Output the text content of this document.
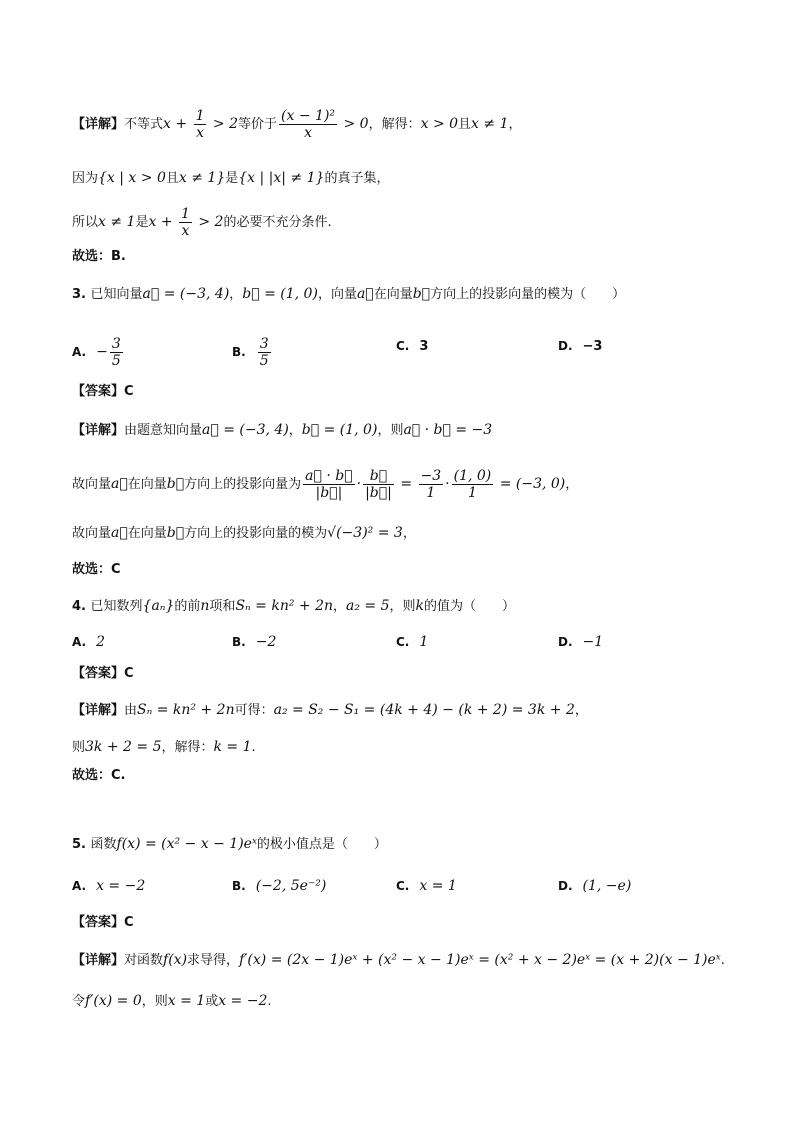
【详解】不等式$x + \frac{1}{x} > 2$等价于 $\frac{\text{(x − 1)²}}{x} > 0$，解得：x > 0且x ≠ 1，
因为{x | x > 0且x ≠ 1}是{x | |x| ≠ 1}的真子集，
所以x ≠ 1是$x + \frac{1}{x} > 2$的必要不充分条件.
故选：B.
3. 已知向量a⃗ = (−3, 4)，b⃗ = (1, 0)，向量a⃗在向量b⃗方向上的投影向量的模为（　　）
A. − $\frac{3}{5}$	B. $\frac{3}{5}$	C. 3	D. −3
【答案】C
【详解】由题意知向量a⃗ = (−3, 4)，b⃗ = (1, 0)，则a⃗ · b⃗ = −3
故向量a⃗在向量b⃗方向上的投影向量为 $\frac{a⃗ \cdot b⃗}{|b⃗|} \cdot \frac{b⃗}{|b⃗|} = \frac{-3}{1} \cdot \frac{(1, 0)}{1} = (-3$, 0)，
故向量a⃗在向量b⃗方向上的投影向量的模为√(−3)² = 3，
故选：C
4. 已知数列{aₙ}的前n项和Sₙ = kn² + 2n，a₂ = 5，则k的值为（　　）
A. 2	B. −2	C. 1	D. −1
【答案】C
【详解】由Sₙ = kn² + 2n可得：a₂ = S₂ − S₁ = (4k + 4) − (k + 2) = 3k + 2，
则3k + 2 = 5，解得：k = 1.
故选：C.
5. 函数f(x) = (x² − x − 1)eˣ的极小值点是（　　）
A. x = −2	B. (−2, 5e⁻²)	C. x = 1	D. (1, −e)
【答案】C
【详解】对函数f(x)求导得，f′(x) = (2x − 1)eˣ + (x² − x − 1)eˣ = (x² + x − 2)eˣ = (x + 2)(x − 1)eˣ.
令f′(x) = 0，则x = 1或x = −2.
